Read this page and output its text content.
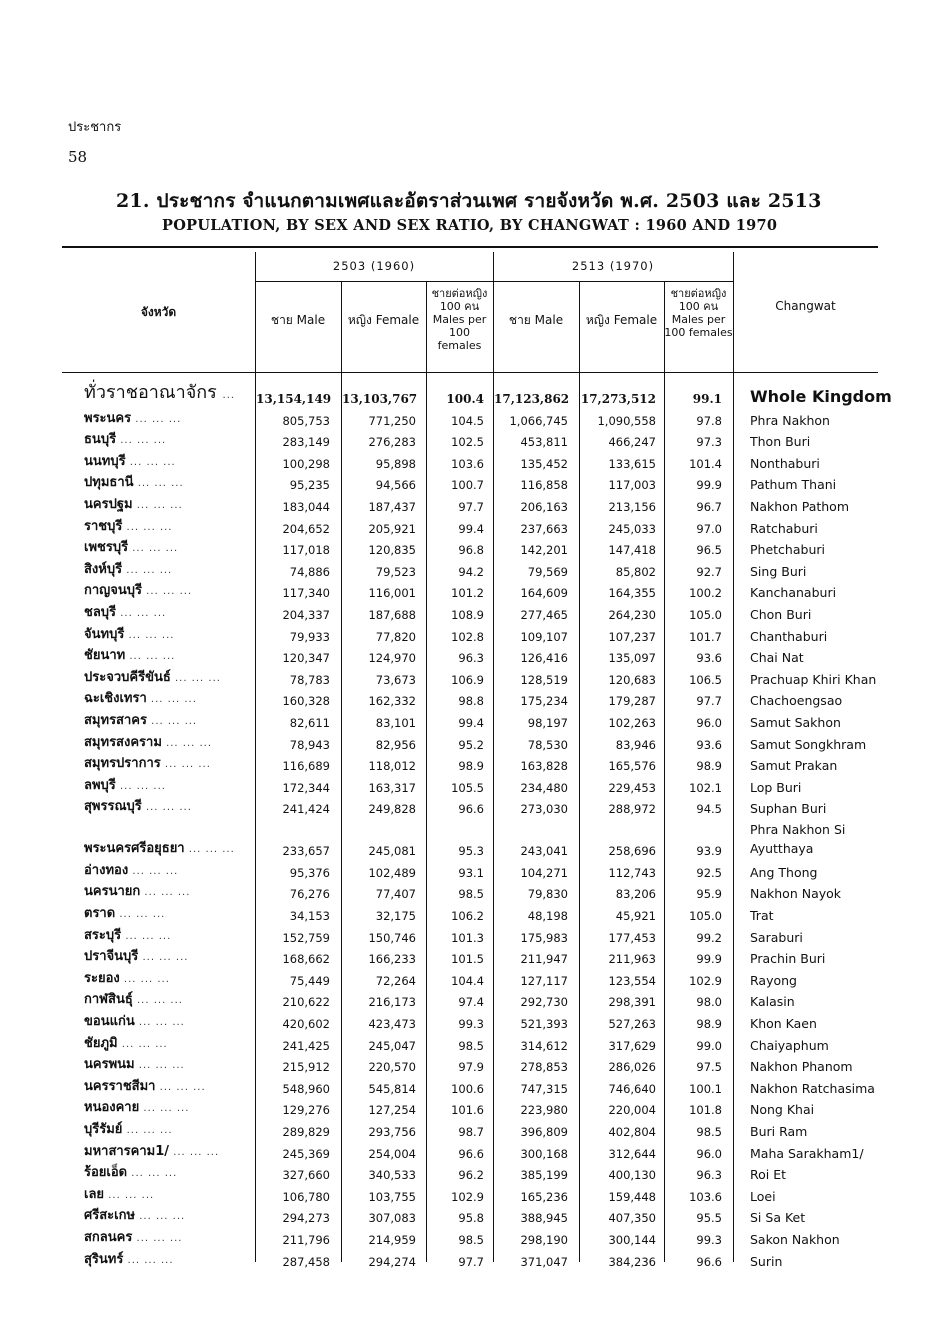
ประชากร
58
21. ประชากร จำแนกตามเพศและอัตราส่วนเพศ รายจังหวัด พ.ศ. 2503 และ 2513
POPULATION, BY SEX AND SEX RATIO, BY CHANGWAT : 1960 AND 1970
จังหวัด
2503 (1960)	2513 (1970)
ชาย Male	หญิง Female
ชายต่อหญิง 100 คน Males per 100 females
ชาย Male	หญิง Female
ชายต่อหญิง 100 คน Males per 100 females
Changwat
ทั่วราชอาณาจักร ... 13,154,149 13,103,767	100.4 17,123,862 17,273,512	99.1 Whole Kingdom
พระนคร ... ... ...	805,753	771,250	104.5	1,066,745	1,090,558	97.8 Phra Nakhon
ธนบุรี ... ... ...	283,149	276,283	102.5	453,811	466,247	97.3 Thon Buri
นนทบุรี ... ... ...	100,298	95,898	103.6	135,452	133,615	101.4 Nonthaburi
ปทุมธานี ... ... ...	95,235	94,566	100.7	116,858	117,003	99.9 Pathum Thani
นครปฐม ... ... ...	183,044	187,437	97.7	206,163	213,156	96.7 Nakhon Pathom
ราชบุรี ... ... ...	204,652	205,921	99.4	237,663	245,033	97.0 Ratchaburi
เพชรบุรี ... ... ...	117,018	120,835	96.8	142,201	147,418	96.5 Phetchaburi
สิงห์บุรี ... ... ...	74,886	79,523	94.2	79,569	85,802	92.7 Sing Buri
กาญจนบุรี ... ... ...	117,340	116,001	101.2	164,609	164,355	100.2 Kanchanaburi
ชลบุรี ... ... ...	204,337	187,688	108.9	277,465	264,230	105.0 Chon Buri
จันทบุรี ... ... ...	79,933	77,820	102.8	109,107	107,237	101.7 Chanthaburi
ชัยนาท ... ... ...	120,347	124,970	96.3	126,416	135,097	93.6 Chai Nat
ประจวบคีรีขันธ์ ... ... ...	78,783	73,673	106.9	128,519	120,683	106.5 Prachuap Khiri Khan
ฉะเชิงเทรา ... ... ...	160,328	162,332	98.8	175,234	179,287	97.7 Chachoengsao
สมุทรสาคร ... ... ...	82,611	83,101	99.4	98,197	102,263	96.0 Samut Sakhon
สมุทรสงคราม ... ... ...	78,943	82,956	95.2	78,530	83,946	93.6 Samut Songkhram
สมุทรปราการ ... ... ...	116,689	118,012	98.9	163,828	165,576	98.9 Samut Prakan
ลพบุรี ... ... ...	172,344	163,317	105.5	234,480	229,453	102.1 Lop Buri
สุพรรณบุรี ... ... ...	241,424	249,828	96.6	273,030	288,972	94.5 Suphan Buri
พระนครศรีอยุธยา ... ... ...	233,657	245,081	95.3	243,041	258,696	93.9
Phra Nakhon Si Ayutthaya
อ่างทอง ... ... ...	95,376	102,489	93.1	104,271	112,743	92.5 Ang Thong
นครนายก ... ... ...	76,276	77,407	98.5	79,830	83,206	95.9 Nakhon Nayok
ตราด ... ... ...	34,153	32,175	106.2	48,198	45,921	105.0 Trat
สระบุรี ... ... ...	152,759	150,746	101.3	175,983	177,453	99.2 Saraburi
ปราจีนบุรี ... ... ...	168,662	166,233	101.5	211,947	211,963	99.9 Prachin Buri
ระยอง ... ... ...	75,449	72,264	104.4	127,117	123,554	102.9 Rayong
กาฬสินธุ์ ... ... ...	210,622	216,173	97.4	292,730	298,391	98.0 Kalasin
ขอนแก่น ... ... ...	420,602	423,473	99.3	521,393	527,263	98.9 Khon Kaen
ชัยภูมิ ... ... ...	241,425	245,047	98.5	314,612	317,629	99.0 Chaiyaphum
นครพนม ... ... ...	215,912	220,570	97.9	278,853	286,026	97.5 Nakhon Phanom
นครราชสีมา ... ... ...	548,960	545,814	100.6	747,315	746,640	100.1 Nakhon Ratchasima
หนองคาย ... ... ...	129,276	127,254	101.6	223,980	220,004	101.8 Nong Khai
บุรีรัมย์ ... ... ...	289,829	293,756	98.7	396,809	402,804	98.5 Buri Ram
มหาสารคาม1/ ... ... ...	245,369	254,004	96.6	300,168	312,644	96.0 Maha Sarakham1/
ร้อยเอ็ด ... ... ...	327,660	340,533	96.2	385,199	400,130	96.3 Roi Et
เลย ... ... ...	106,780	103,755	102.9	165,236	159,448	103.6 Loei
ศรีสะเกษ ... ... ...	294,273	307,083	95.8	388,945	407,350	95.5 Si Sa Ket
สกลนคร ... ... ...	211,796	214,959	98.5	298,190	300,144	99.3 Sakon Nakhon
สุรินทร์ ... ... ...	287,458	294,274	97.7	371,047	384,236	96.6 Surin
